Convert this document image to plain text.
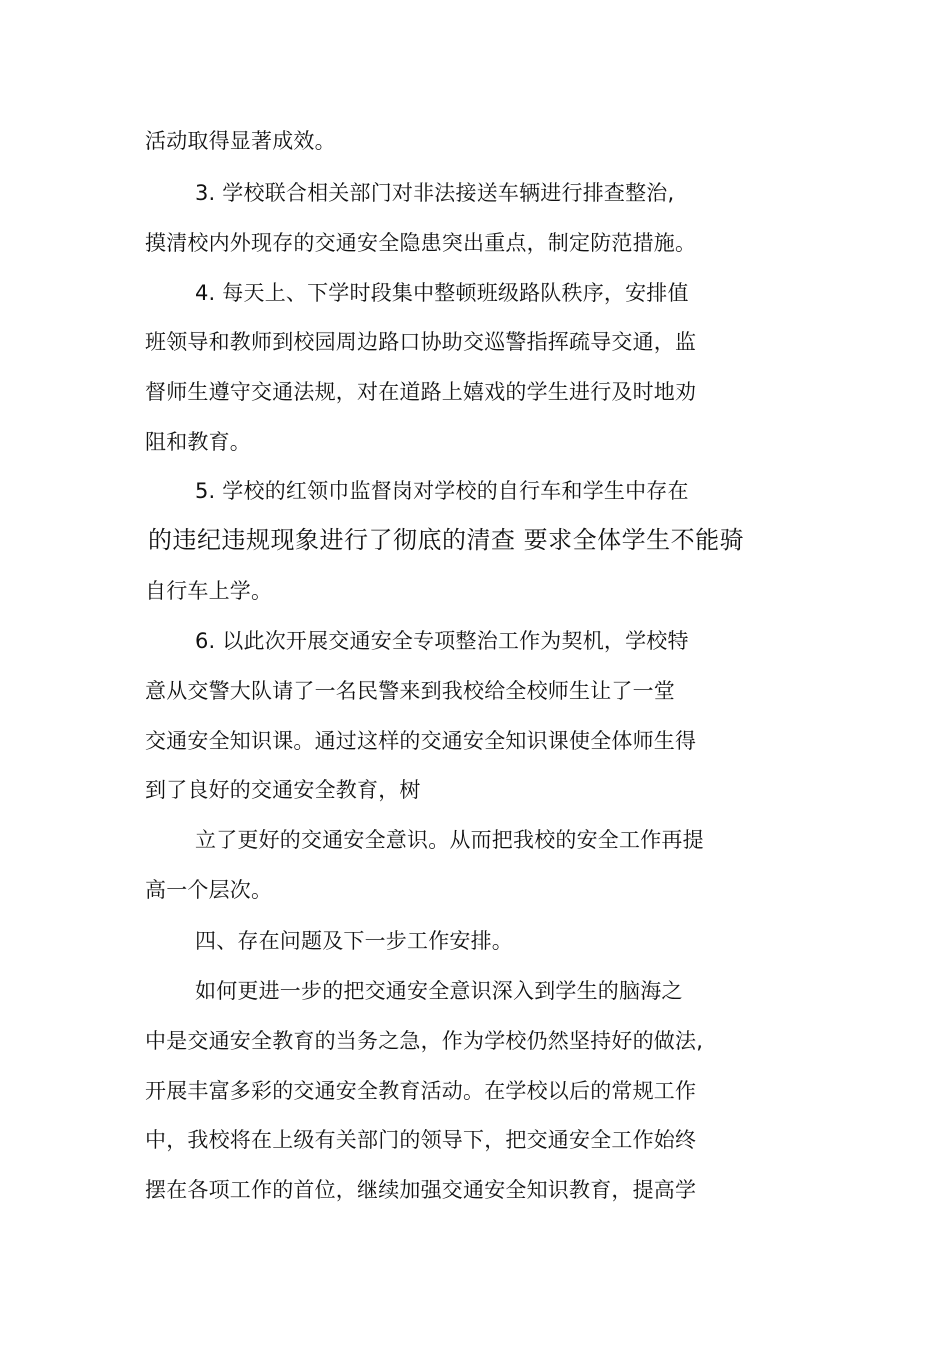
活动取得显著成效。
3. 学校联合相关部门对非法接送车辆进行排查整治,
摸清校内外现存的交通安全隐患突出重点，制定防范措施。
4. 每天上、下学时段集中整顿班级路队秩序，安排值
班领导和教师到校园周边路口协助交巡警指挥疏导交通，监
督师生遵守交通法规，对在道路上嬉戏的学生进行及时地劝
阻和教育。
5. 学校的红领巾监督岗对学校的自行车和学生中存在
的违纪违规现象进行了彻底的清查 要求全体学生不能骑
自行车上学。
6. 以此次开展交通安全专项整治工作为契机，学校特
意从交警大队请了一名民警来到我校给全校师生让了一堂
交通安全知识课。通过这样的交通安全知识课使全体师生得
到了良好的交通安全教育，树
立了更好的交通安全意识。从而把我校的安全工作再提
高一个层次。
四、存在问题及下一步工作安排。
如何更进一步的把交通安全意识深入到学生的脑海之
中是交通安全教育的当务之急，作为学校仍然坚持好的做法,
开展丰富多彩的交通安全教育活动。在学校以后的常规工作
中，我校将在上级有关部门的领导下，把交通安全工作始终
摆在各项工作的首位，继续加强交通安全知识教育，提高学
